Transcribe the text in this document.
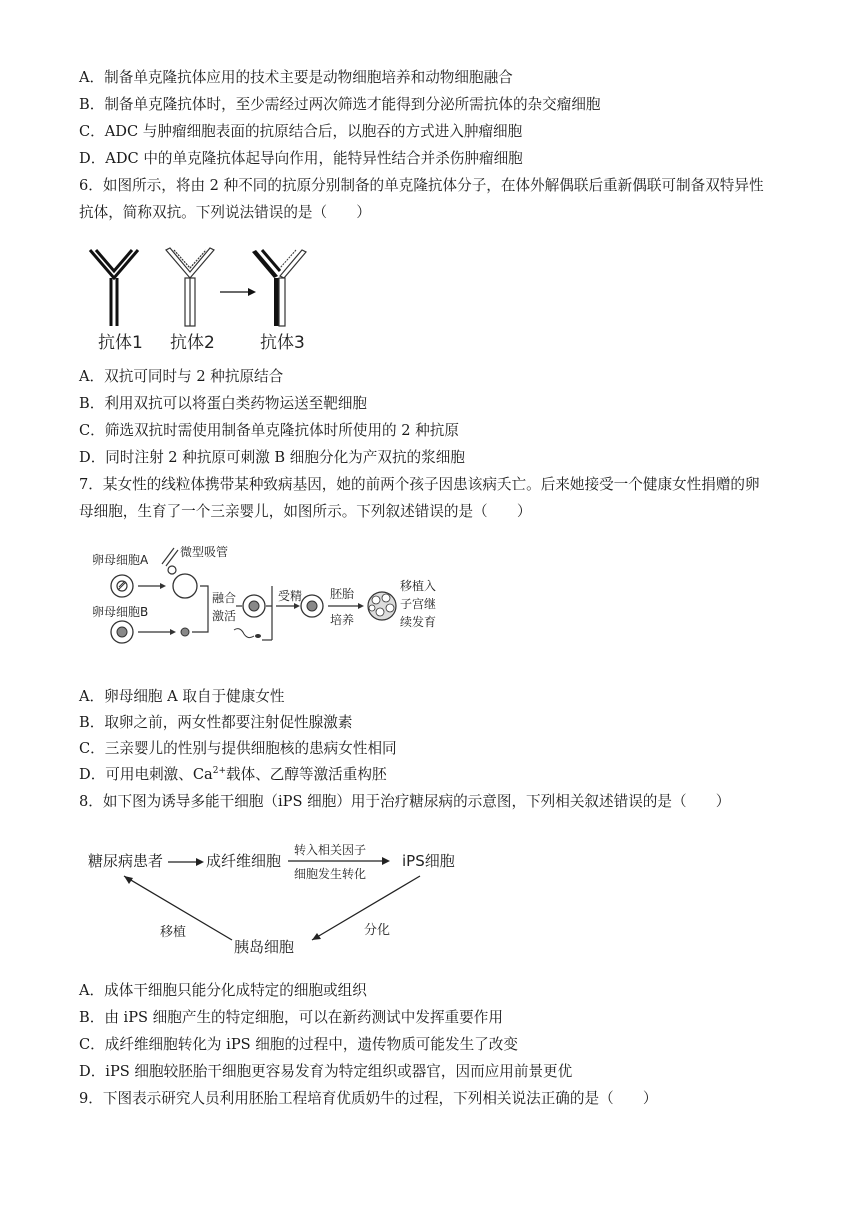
A．制备单克隆抗体应用的技术主要是动物细胞培养和动物细胞融合
B．制备单克隆抗体时，至少需经过两次筛选才能得到分泌所需抗体的杂交瘤细胞
C．ADC 与肿瘤细胞表面的抗原结合后，以胞吞的方式进入肿瘤细胞
D．ADC 中的单克隆抗体起导向作用，能特异性结合并杀伤肿瘤细胞
6．如图所示，将由 2 种不同的抗原分别制备的单克隆抗体分子，在体外解偶联后重新偶联可制备双特异性
抗体，简称双抗。下列说法错误的是（　　）
抗体1 抗体2	抗体3
A．双抗可同时与 2 种抗原结合
B．利用双抗可以将蛋白类药物运送至靶细胞
C．筛选双抗时需使用制备单克隆抗体时所使用的 2 种抗原
D．同时注射 2 种抗原可刺激 B 细胞分化为产双抗的浆细胞
7．某女性的线粒体携带某种致病基因，她的前两个孩子因患该病夭亡。后来她接受一个健康女性捐赠的卵
母细胞，生育了一个三亲婴儿，如图所示。下列叙述错误的是（　　）
卵母细胞A
微型吸管
卵母细胞B
融合
激活
受精 胚胎
培养
移植入
子宫继
续发育
A．卵母细胞 A 取自于健康女性
B．取卵之前，两女性都要注射促性腺激素
C．三亲婴儿的性别与提供细胞核的患病女性相同
D．可用电刺激、$Ca^{2+}$载体、乙醇等激活重构胚
8．如下图为诱导多能干细胞（iPS 细胞）用于治疗糖尿病的示意图，下列相关叙述错误的是（　　）
糖尿病患者	成纤维细胞
转入相关因子
细胞发生转化
iPS细胞
分化
胰岛细胞
移植
A．成体干细胞只能分化成特定的细胞或组织
B．由 iPS 细胞产生的特定细胞，可以在新药测试中发挥重要作用
C．成纤维细胞转化为 iPS 细胞的过程中，遗传物质可能发生了改变
D．iPS 细胞较胚胎干细胞更容易发育为特定组织或器官，因而应用前景更优
9．下图表示研究人员利用胚胎工程培育优质奶牛的过程，下列相关说法正确的是（　　）
